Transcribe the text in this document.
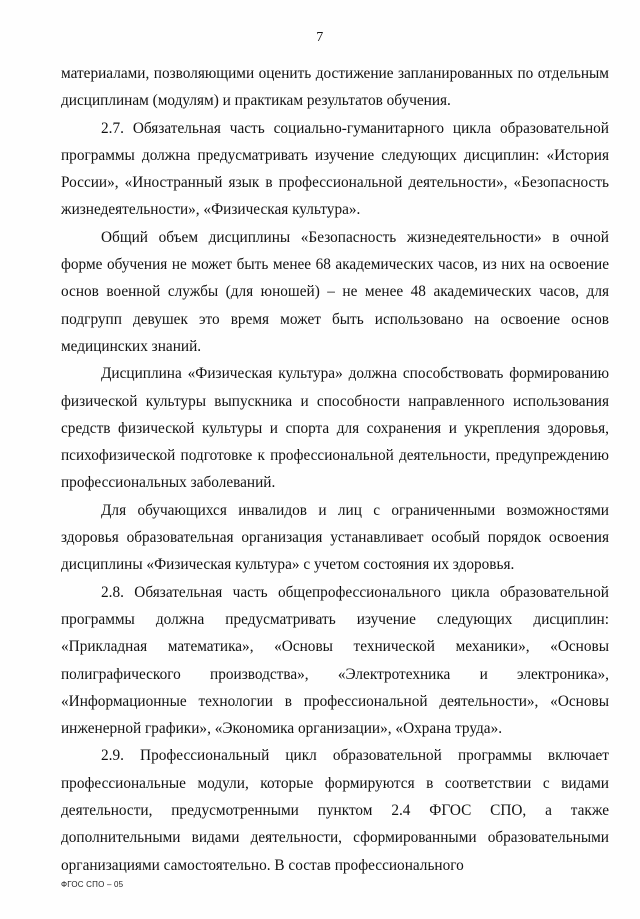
7

материалами, позволяющими оценить достижение запланированных по отдельным дисциплинам (модулям) и практикам результатов обучения.

2.7. Обязательная часть социально-гуманитарного цикла образовательной программы должна предусматривать изучение следующих дисциплин: «История России», «Иностранный язык в профессиональной деятельности», «Безопасность жизнедеятельности», «Физическая культура».

Общий объем дисциплины «Безопасность жизнедеятельности» в очной форме обучения не может быть менее 68 академических часов, из них на освоение основ военной службы (для юношей) – не менее 48 академических часов, для подгрупп девушек это время может быть использовано на освоение основ медицинских знаний.

Дисциплина «Физическая культура» должна способствовать формированию физической культуры выпускника и способности направленного использования средств физической культуры и спорта для сохранения и укрепления здоровья, психофизической подготовке к профессиональной деятельности, предупреждению профессиональных заболеваний.

Для обучающихся инвалидов и лиц с ограниченными возможностями здоровья образовательная организация устанавливает особый порядок освоения дисциплины «Физическая культура» с учетом состояния их здоровья.

2.8. Обязательная часть общепрофессионального цикла образовательной программы должна предусматривать изучение следующих дисциплин: «Прикладная математика», «Основы технической механики», «Основы полиграфического производства», «Электротехника и электроника», «Информационные технологии в профессиональной деятельности», «Основы инженерной графики», «Экономика организации», «Охрана труда».

2.9. Профессиональный цикл образовательной программы включает профессиональные модули, которые формируются в соответствии с видами деятельности, предусмотренными пунктом 2.4 ФГОС СПО, а также дополнительными видами деятельности, сформированными образовательными организациями самостоятельно. В состав профессионального

ФГОС СПО – 05
